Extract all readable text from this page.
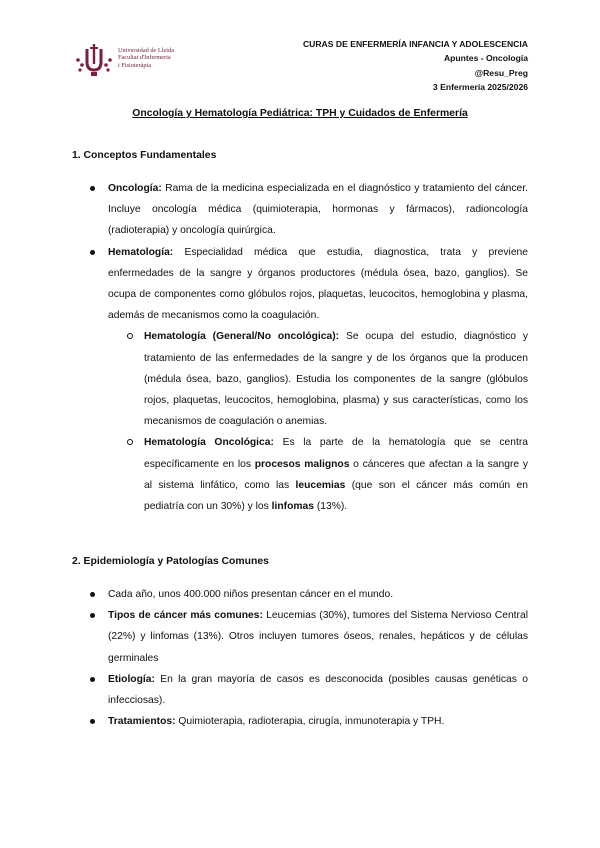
Universidad de Lleida
Facultat d'Infermeria
i Fisioteràpia
CURAS DE ENFERMERÍA INFANCIA Y ADOLESCENCIA
Apuntes - Oncología
@Resu_Preg
3 Enfermería 2025/2026
Oncología y Hematología Pediátrica: TPH y Cuidados de Enfermería
1. Conceptos Fundamentales
Oncología: Rama de la medicina especializada en el diagnóstico y tratamiento del cáncer. Incluye oncología médica (quimioterapia, hormonas y fármacos), radioncología (radioterapia) y oncología quirúrgica.
Hematología: Especialidad médica que estudia, diagnostica, trata y previene enfermedades de la sangre y órganos productores (médula ósea, bazo, ganglios). Se ocupa de componentes como glóbulos rojos, plaquetas, leucocitos, hemoglobina y plasma, además de mecanismos como la coagulación.
Hematología (General/No oncológica): Se ocupa del estudio, diagnóstico y tratamiento de las enfermedades de la sangre y de los órganos que la producen (médula ósea, bazo, ganglios). Estudia los componentes de la sangre (glóbulos rojos, plaquetas, leucocitos, hemoglobina, plasma) y sus características, como los mecanismos de coagulación o anemias.
Hematología Oncológica: Es la parte de la hematología que se centra específicamente en los procesos malignos o cánceres que afectan a la sangre y al sistema linfático, como las leucemias (que son el cáncer más común en pediatría con un 30%) y los linfomas (13%).
2. Epidemiología y Patologías Comunes
Cada año, unos 400.000 niños presentan cáncer en el mundo.
Tipos de cáncer más comunes: Leucemias (30%), tumores del Sistema Nervioso Central (22%) y linfomas (13%). Otros incluyen tumores óseos, renales, hepáticos y de células germinales
Etiología: En la gran mayoría de casos es desconocida (posibles causas genéticas o infecciosas).
Tratamientos: Quimioterapia, radioterapia, cirugía, inmunoterapia y TPH.
